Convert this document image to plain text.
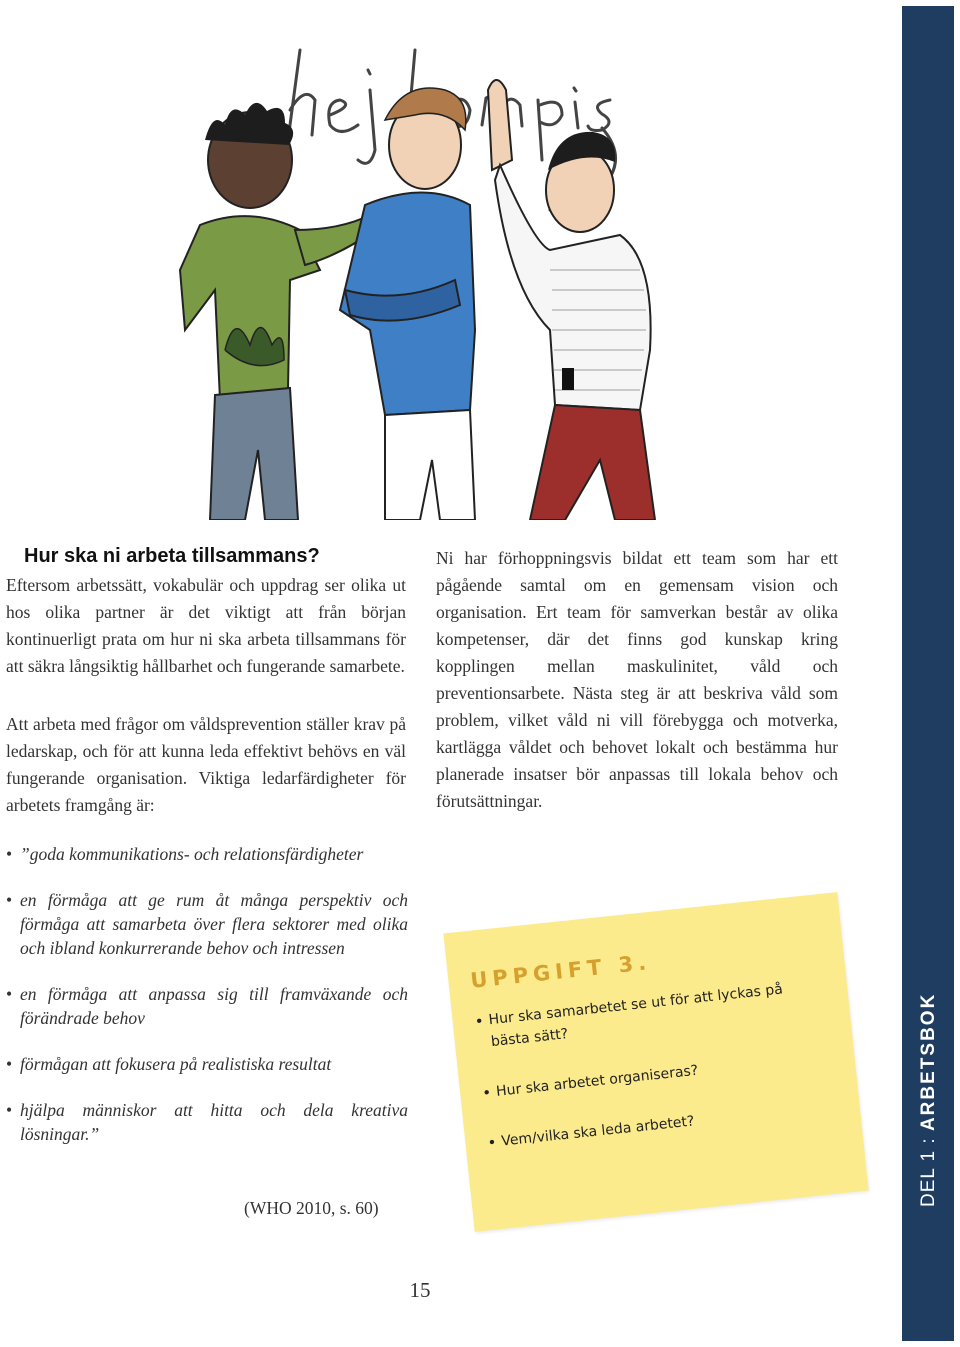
Hur ska ni arbeta tillsammans?

Eftersom arbetssätt, vokabulär och uppdrag ser olika ut hos olika partner är det viktigt att från början kontinuerligt prata om hur ni ska arbeta tillsammans för att säkra långsiktig hållbarhet och fungerande samarbete.

Att arbeta med frågor om våldsprevention ställer krav på ledarskap, och för att kunna leda effektivt behövs en väl fungerande organisation. Viktiga ledarfärdigheter för arbetets framgång är:

• ”goda kommunikations- och relationsfärdigheter
• en förmåga att ge rum åt många perspektiv och förmåga att samarbeta över flera sektorer med olika och ibland konkurrerande behov och intressen
• en förmåga att anpassa sig till framväxande och förändrade behov
• förmågan att fokusera på realistiska resultat
• hjälpa människor att hitta och dela kreativa lösningar.”
(WHO 2010, s. 60)

Ni har förhoppningsvis bildat ett team som har ett pågående samtal om en gemensam vision och organisation. Ert team för samverkan består av olika kompetenser, där det finns god kunskap kring kopplingen mellan maskulinitet, våld och preventionsarbete. Nästa steg är att beskriva våld som problem, vilket våld ni vill förebygga och motverka, kartlägga våldet och behovet lokalt och bestämma hur planerade insatser bör anpassas till lokala behov och förutsättningar.

UPPGIFT 3.
• Hur ska samarbetet se ut för att lyckas på bästa sätt?
• Hur ska arbetet organiseras?
• Vem/vilka ska leda arbetet?	DEL 1 : ARBETSBOK
15
